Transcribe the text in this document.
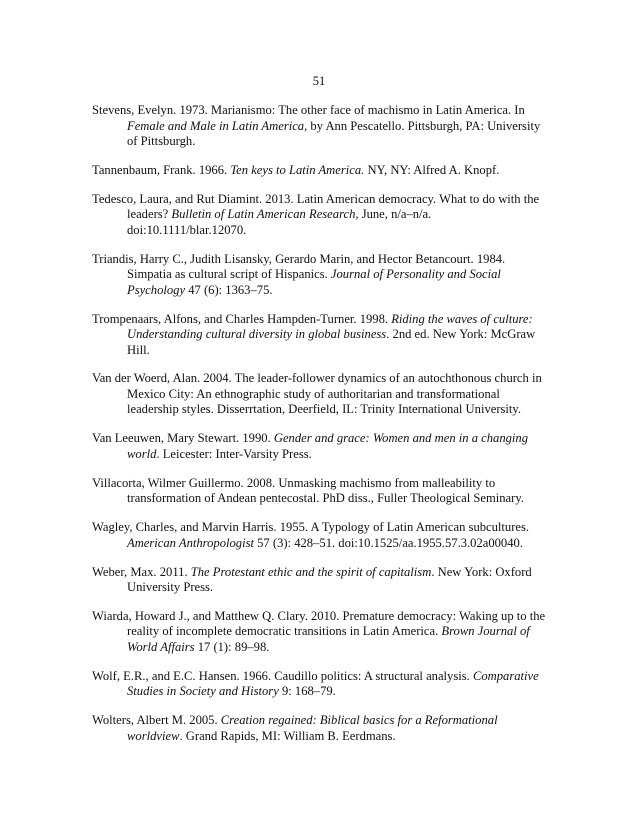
51
Stevens, Evelyn. 1973. Marianismo: The other face of machismo in Latin America. In Female and Male in Latin America, by Ann Pescatello. Pittsburgh, PA: University of Pittsburgh.
Tannenbaum, Frank. 1966. Ten keys to Latin America. NY, NY: Alfred A. Knopf.
Tedesco, Laura, and Rut Diamint. 2013. Latin American democracy. What to do with the leaders? Bulletin of Latin American Research, June, n/a–n/a. doi:10.1111/blar.12070.
Triandis, Harry C., Judith Lisansky, Gerardo Marin, and Hector Betancourt. 1984. Simpatia as cultural script of Hispanics. Journal of Personality and Social Psychology 47 (6): 1363–75.
Trompenaars, Alfons, and Charles Hampden-Turner. 1998. Riding the waves of culture: Understanding cultural diversity in global business. 2nd ed. New York: McGraw Hill.
Van der Woerd, Alan. 2004. The leader-follower dynamics of an autochthonous church in Mexico City: An ethnographic study of authoritarian and transformational leadership styles. Disserrtation, Deerfield, IL: Trinity International University.
Van Leeuwen, Mary Stewart. 1990. Gender and grace: Women and men in a changing world. Leicester: Inter-Varsity Press.
Villacorta, Wilmer Guillermo. 2008. Unmasking machismo from malleability to transformation of Andean pentecostal. PhD diss., Fuller Theological Seminary.
Wagley, Charles, and Marvin Harris. 1955. A Typology of Latin American subcultures. American Anthropologist 57 (3): 428–51. doi:10.1525/aa.1955.57.3.02a00040.
Weber, Max. 2011. The Protestant ethic and the spirit of capitalism. New York: Oxford University Press.
Wiarda, Howard J., and Matthew Q. Clary. 2010. Premature democracy: Waking up to the reality of incomplete democratic transitions in Latin America. Brown Journal of World Affairs 17 (1): 89–98.
Wolf, E.R., and E.C. Hansen. 1966. Caudillo politics: A structural analysis. Comparative Studies in Society and History 9: 168–79.
Wolters, Albert M. 2005. Creation regained: Biblical basics for a Reformational worldview. Grand Rapids, MI: William B. Eerdmans.
